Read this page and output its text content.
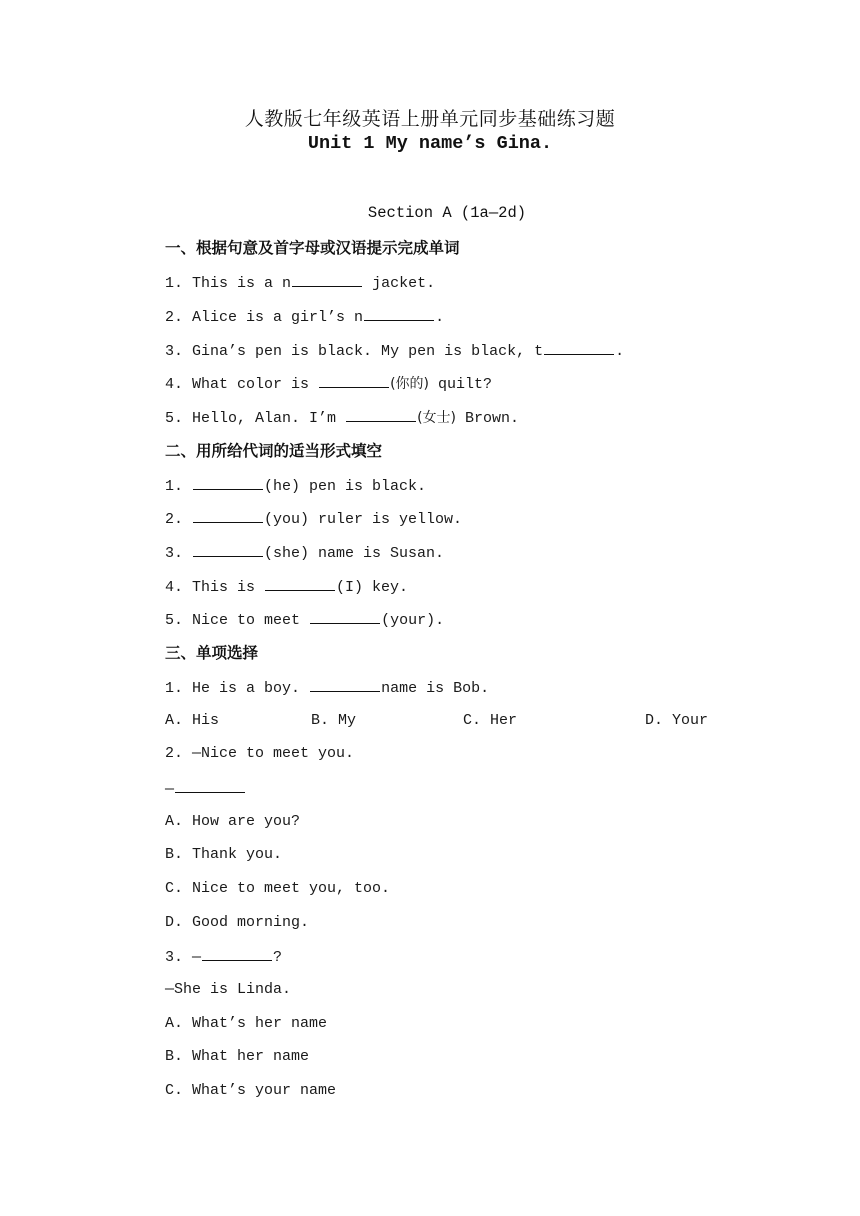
人教版七年级英语上册单元同步基础练习题
Unit 1 My name’s Gina.
Section A (1a—2d)
一、根据句意及首字母或汉语提示完成单词
1. This is a n	jacket.
2. Alice is a girl’s n	.
3. Gina’s pen is black. My pen is black, t	.
4. What color is	(你的) quilt?
5. Hello, Alan. I’m	(女士) Brown.
二、用所给代词的适当形式填空
1.	(he) pen is black.
2.	(you) ruler is yellow.
3.	(she) name is Susan.
4. This is	(I) key.
5. Nice to meet	(your).
三、单项选择
1. He is a boy.	name is Bob.
A. His	B. My	C. Her	D. Your
2. —Nice to meet you.
—
A. How are you?
B. Thank you.
C. Nice to meet you, too.
D. Good morning.
3. —	?
—She is Linda.
A. What’s her name
B. What her name
C. What’s your name
